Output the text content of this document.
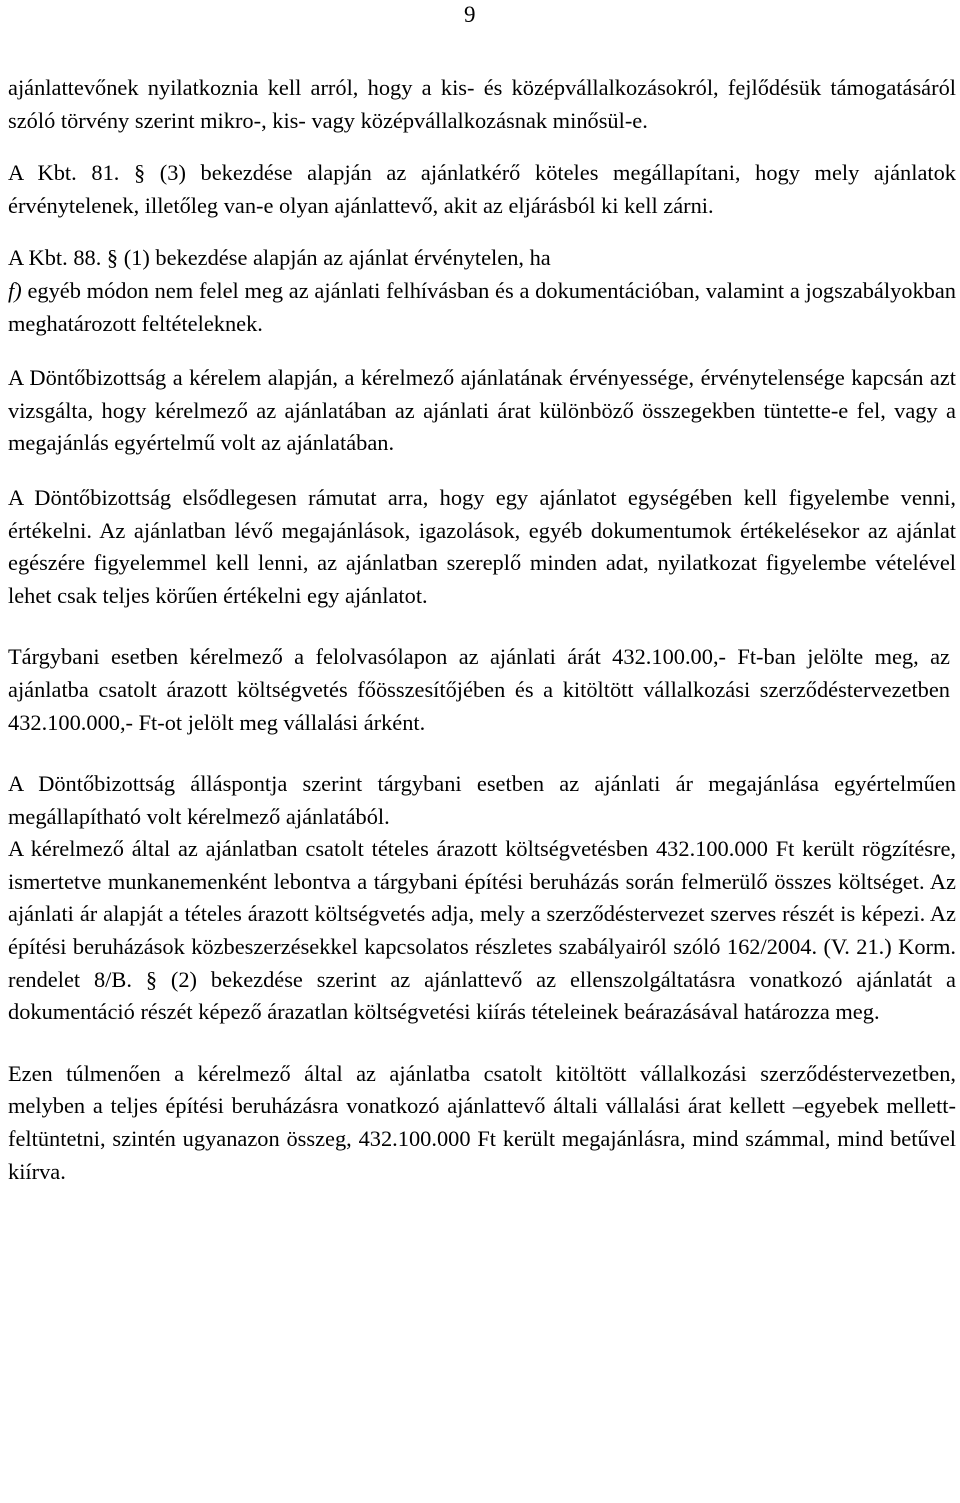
9

ajánlattevőnek nyilatkoznia kell arról, hogy a kis- és középvállalkozásokról, fejlődésük támogatásáról szóló törvény szerint mikro-, kis- vagy középvállalkozásnak minősül-e.

A Kbt. 81. § (3) bekezdése alapján az ajánlatkérő köteles megállapítani, hogy mely ajánlatok érvénytelenek, illetőleg van-e olyan ajánlattevő, akit az eljárásból ki kell zárni.

A Kbt. 88. § (1) bekezdése alapján az ajánlat érvénytelen, ha

f) egyéb módon nem felel meg az ajánlati felhívásban és a dokumentációban, valamint a jogszabályokban meghatározott feltételeknek.

A Döntőbizottság a kérelem alapján, a kérelmező ajánlatának érvényessége, érvénytelensége kapcsán azt vizsgálta, hogy kérelmező az ajánlatában az ajánlati árat különböző összegekben tüntette-e fel, vagy a megajánlás egyértelmű volt az ajánlatában.

A Döntőbizottság elsődlegesen rámutat arra, hogy egy ajánlatot egységében kell figyelembe venni, értékelni. Az ajánlatban lévő megajánlások, igazolások, egyéb dokumentumok értékelésekor az ajánlat egészére figyelemmel kell lenni, az ajánlatban szereplő minden adat, nyilatkozat figyelembe vételével lehet csak teljes körűen értékelni egy ajánlatot.

Tárgybani esetben kérelmező a felolvasólapon az ajánlati árát 432.100.00,- Ft-ban jelölte meg, az ajánlatba csatolt árazott költségvetés főösszesítőjében és a kitöltött vállalkozási szerződéstervezetben 432.100.000,- Ft-ot jelölt meg vállalási árként.

A Döntőbizottság álláspontja szerint tárgybani esetben az ajánlati ár megajánlása egyértelműen megállapítható volt kérelmező ajánlatából.

A kérelmező által az ajánlatban csatolt tételes árazott költségvetésben 432.100.000 Ft került rögzítésre, ismertetve munkanemenként lebontva a tárgybani építési beruházás során felmerülő összes költséget. Az ajánlati ár alapját a tételes árazott költségvetés adja, mely a szerződéstervezet szerves részét is képezi. Az építési beruházások közbeszerzésekkel kapcsolatos részletes szabályairól szóló 162/2004. (V. 21.) Korm. rendelet 8/B. § (2) bekezdése szerint az ajánlattevő az ellenszolgáltatásra vonatkozó ajánlatát a dokumentáció részét képező árazatlan költségvetési kiírás tételeinek beárazásával határozza meg.

Ezen túlmenően a kérelmező által az ajánlatba csatolt kitöltött vállalkozási szerződéstervezetben, melyben a teljes építési beruházásra vonatkozó ajánlattevő általi vállalási árat kellett –egyebek mellett- feltüntetni, szintén ugyanazon összeg, 432.100.000 Ft került megajánlásra, mind számmal, mind betűvel kiírva.
